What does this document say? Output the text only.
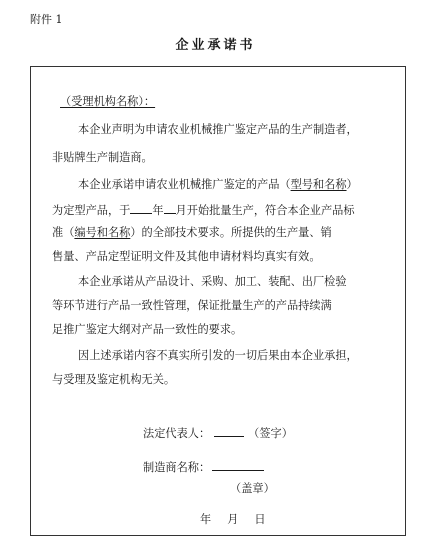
附件 1
企业承诺书
（受理机构名称）：
本企业声明为申请农业机械推广鉴定产品的生产制造者，
非贴牌生产制造商。
本企业承诺申请农业机械推广鉴定的产品（型号和名称）
为定型产品，于 年 月开始批量生产，符合本企业产品标
准（编号和名称）的全部技术要求。所提供的生产量、销
售量、产品定型证明文件及其他申请材料均真实有效。
本企业承诺从产品设计、采购、加工、装配、出厂检验
等环节进行产品一致性管理，保证批量生产的产品持续满
足推广鉴定大纲对产品一致性的要求。
因上述承诺内容不真实所引发的一切后果由本企业承担，
与受理及鉴定机构无关。
法定代表人：	（签字）
制造商名称：
（盖章）
年 月 日
